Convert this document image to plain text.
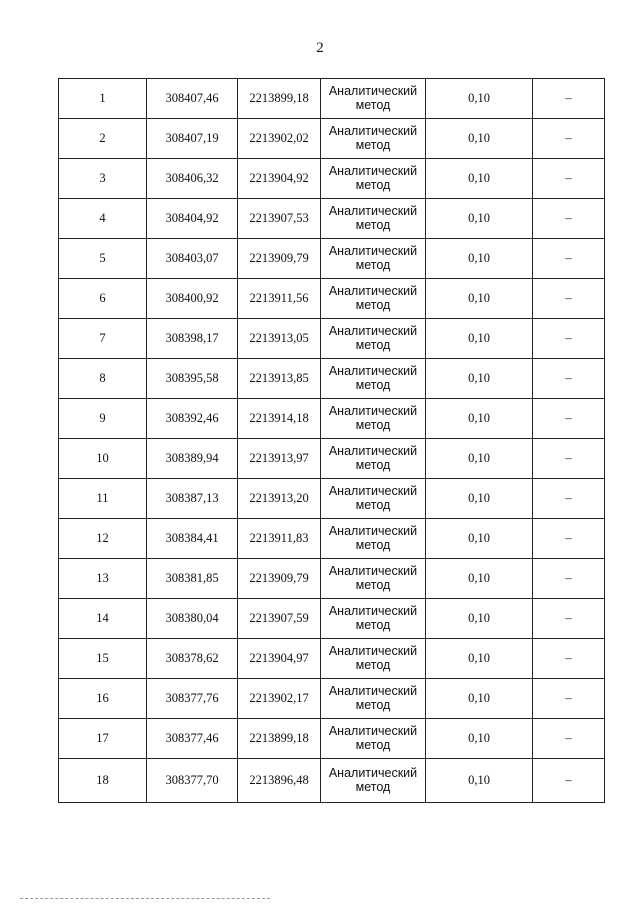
2
1	308407,46	2213899,18	Аналитический
метод	0,10	–
2	308407,19	2213902,02	Аналитический
метод	0,10	–
3	308406,32	2213904,92	Аналитический
метод	0,10	–
4	308404,92	2213907,53	Аналитический
метод	0,10	–
5	308403,07	2213909,79	Аналитический
метод	0,10	–
6	308400,92	2213911,56	Аналитический
метод	0,10	–
7	308398,17	2213913,05	Аналитический
метод	0,10	–
8	308395,58	2213913,85	Аналитический
метод	0,10	–
9	308392,46	2213914,18	Аналитический
метод	0,10	–
10	308389,94	2213913,97	Аналитический
метод	0,10	–
11	308387,13	2213913,20	Аналитический
метод	0,10	–
12	308384,41	2213911,83	Аналитический
метод	0,10	–
13	308381,85	2213909,79	Аналитический
метод	0,10	–
14	308380,04	2213907,59	Аналитический
метод	0,10	–
15	308378,62	2213904,97	Аналитический
метод	0,10	–
16	308377,76	2213902,17	Аналитический
метод	0,10	–
17	308377,46	2213899,18	Аналитический
метод	0,10	–
18	308377,70	2213896,48	Аналитический
метод	0,10	–
